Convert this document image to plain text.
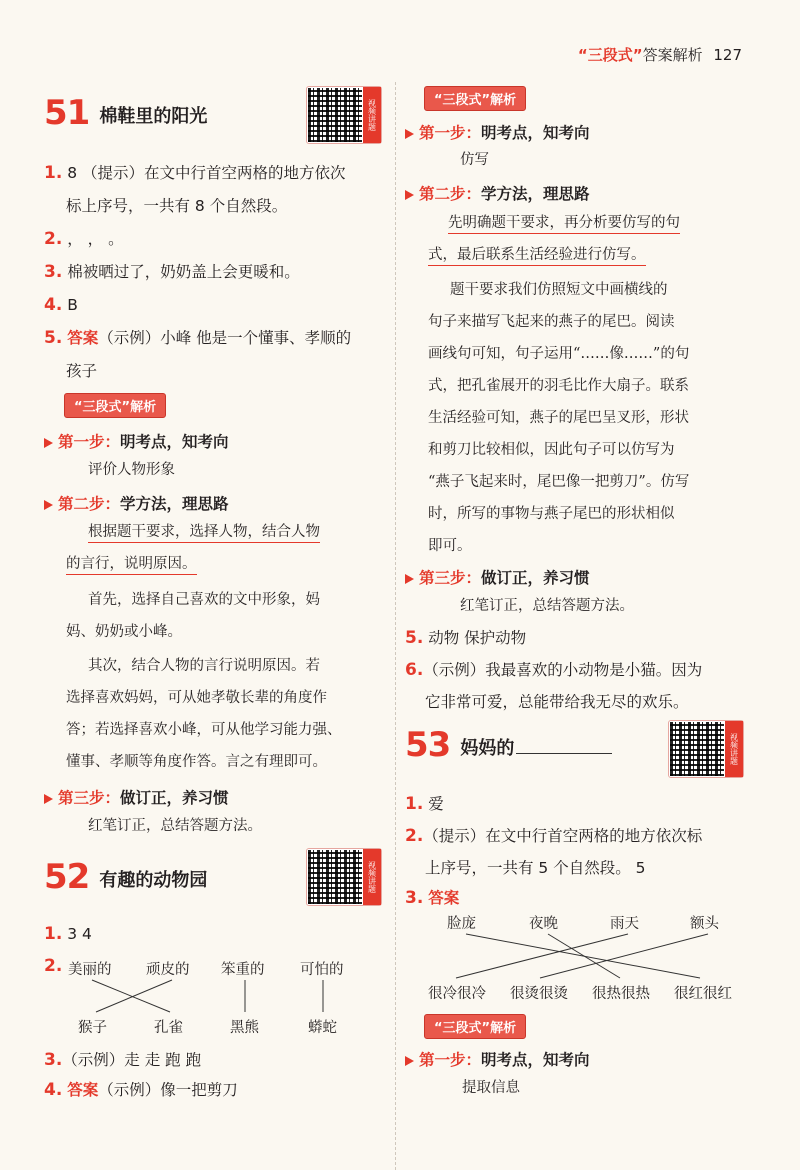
“三段式”答案解析 127
51 棉鞋里的阳光	视频讲题
1. 8 （提示）在文中行首空两格的地方依次
标上序号，一共有 8 个自然段。
2. ， ， 。
3. 棉被晒过了，奶奶盖上会更暖和。
4. B
5. 答案（示例）小峰 他是一个懂事、孝顺的
孩子
“三段式”解析
第一步：明考点，知考向
评价人物形象
第二步：学方法，理思路
根据题干要求，选择人物，结合人物
的言行，说明原因。
首先，选择自己喜欢的文中形象，妈
妈、奶奶或小峰。
其次，结合人物的言行说明原因。若
选择喜欢妈妈，可从她孝敬长辈的角度作
答；若选择喜欢小峰，可从他学习能力强、
懂事、孝顺等角度作答。言之有理即可。
第三步：做订正，养习惯
红笔订正，总结答题方法。
52 有趣的动物园	视频讲题
1. 3 4
2. 美丽的 顽皮的 笨重的 可怕的
猴子	孔雀	黑熊	蟒蛇
3.（示例）走 走 跑 跑
4. 答案（示例）像一把剪刀
“三段式”解析
第一步：明考点，知考向
仿写
第二步：学方法，理思路
先明确题干要求，再分析要仿写的句
式，最后联系生活经验进行仿写。
题干要求我们仿照短文中画横线的
句子来描写飞起来的燕子的尾巴。阅读
画线句可知，句子运用“……像……”的句
式，把孔雀展开的羽毛比作大扇子。联系
生活经验可知，燕子的尾巴呈叉形，形状
和剪刀比较相似，因此句子可以仿写为
“燕子飞起来时，尾巴像一把剪刀”。仿写
时，所写的事物与燕子尾巴的形状相似
即可。
第三步：做订正，养习惯
红笔订正，总结答题方法。
5. 动物 保护动物
6.（示例）我最喜欢的小动物是小猫。因为
它非常可爱，总能带给我无尽的欢乐。
53 妈妈的	视频讲题
1. 爱
2.（提示）在文中行首空两格的地方依次标
上序号，一共有 5 个自然段。 5
3. 答案
脸庞	夜晚	雨天	额头
很冷很冷 很烫很烫 很热很热 很红很红
“三段式”解析
第一步：明考点，知考向
提取信息
